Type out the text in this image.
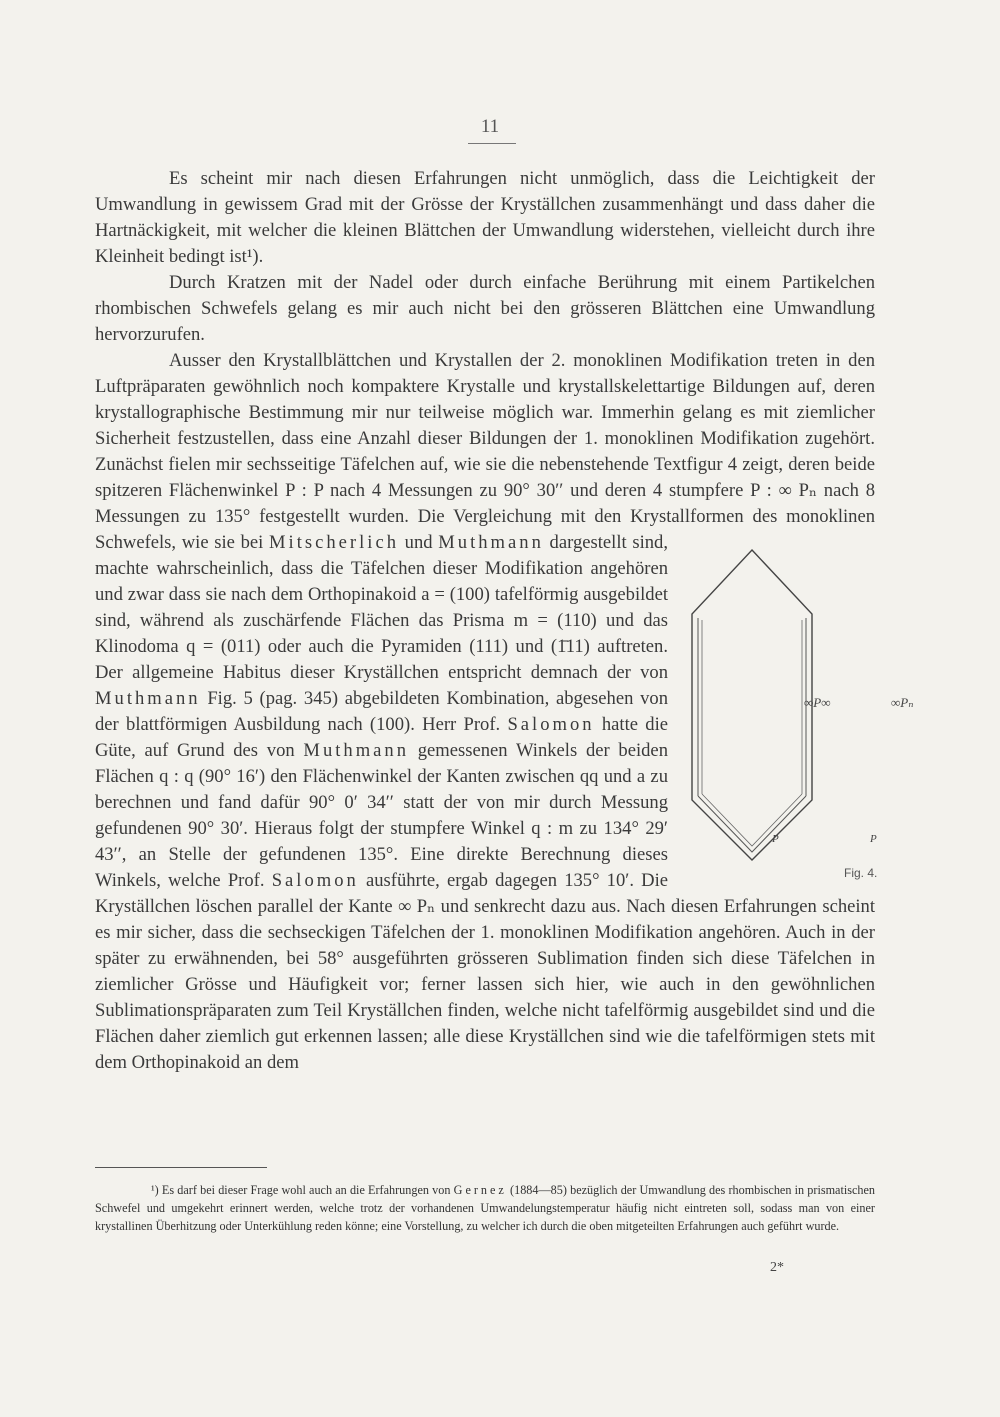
11

Es scheint mir nach diesen Erfahrungen nicht unmöglich, dass die Leichtigkeit der Umwandlung in gewissem Grad mit der Grösse der Kryställchen zusammenhängt und dass daher die Hartnäckigkeit, mit welcher die kleinen Blättchen der Umwandlung widerstehen, vielleicht durch ihre Kleinheit bedingt ist¹).

Durch Kratzen mit der Nadel oder durch einfache Berührung mit einem Partikelchen rhombischen Schwefels gelang es mir auch nicht bei den grösseren Blättchen eine Umwandlung hervorzurufen.

Ausser den Krystallblättchen und Krystallen der 2. monoklinen Modifikation treten in den Luftpräparaten gewöhnlich noch kompaktere Krystalle und krystallskelettartige Bildungen auf, deren krystallographische Bestimmung mir nur teilweise möglich war. Immerhin gelang es mit ziemlicher Sicherheit festzustellen, dass eine Anzahl dieser Bildungen der 1. monoklinen Modifikation zugehört. Zunächst fielen mir sechsseitige Täfelchen auf, wie sie die nebenstehende Textfigur 4 zeigt, deren beide spitzeren Flächenwinkel P : P nach 4 Messungen zu 90° 30′′ und deren 4 stumpfere P : ∞ Pₙ nach 8 Messungen zu 135° festgestellt wurden. Die Vergleichung mit den Krystallformen des monoklinen Schwefels, wie sie bei
∞P∞	∞Pₙ
P	P
Fig. 4.
Mitscherlich und Muthmann dargestellt sind, machte wahrscheinlich, dass die Täfelchen dieser Modifikation angehören und zwar dass sie nach dem Orthopinakoid a = (100) tafelförmig ausgebildet sind, während als zuschärfende Flächen das Prisma m = (110) und das Klinodoma q = (011) oder auch die Pyramiden (111) und (1̄11) auftreten. Der allgemeine Habitus dieser Kryställchen entspricht demnach der von Muthmann Fig. 5 (pag. 345) abgebildeten Kombination, abgesehen von der blattförmigen Ausbildung nach (100). Herr Prof. Salomon hatte die Güte, auf Grund des von Muthmann gemessenen Winkels der beiden Flächen q : q (90° 16′) den Flächenwinkel der Kanten zwischen qq und a zu berechnen und fand dafür 90° 0′ 34′′ statt der von mir durch Messung gefundenen 90° 30′. Hieraus folgt der stumpfere Winkel q : m zu 134° 29′ 43′′, an Stelle der gefundenen 135°. Eine direkte Berechnung dieses Winkels, welche Prof. Salomon ausführte, ergab dagegen 135° 10′. Die Kryställchen löschen parallel der Kante ∞ Pₙ und senkrecht dazu aus. Nach diesen Erfahrungen scheint es mir sicher, dass die sechseckigen Täfelchen der 1. monoklinen Modifikation angehören. Auch in der später zu erwähnenden, bei 58° ausgeführten grösseren Sublimation finden sich diese Täfelchen in ziemlicher Grösse und Häufigkeit vor; ferner lassen sich hier, wie auch in den gewöhnlichen Sublimationspräparaten zum Teil Kryställchen finden, welche nicht tafelförmig ausgebildet sind und die Flächen daher ziemlich gut erkennen lassen; alle diese Kryställchen sind wie die tafelförmigen stets mit dem Orthopinakoid an dem

¹) Es darf bei dieser Frage wohl auch an die Erfahrungen von Gernez (1884—85) bezüglich der Umwandlung des rhombischen in prismatischen Schwefel und umgekehrt erinnert werden, welche trotz der vorhandenen Umwandelungstemperatur häufig nicht eintreten soll, sodass man von einer krystallinen Überhitzung oder Unterkühlung reden könne; eine Vorstellung, zu welcher ich durch die oben mitgeteilten Erfahrungen auch geführt wurde.

2*
